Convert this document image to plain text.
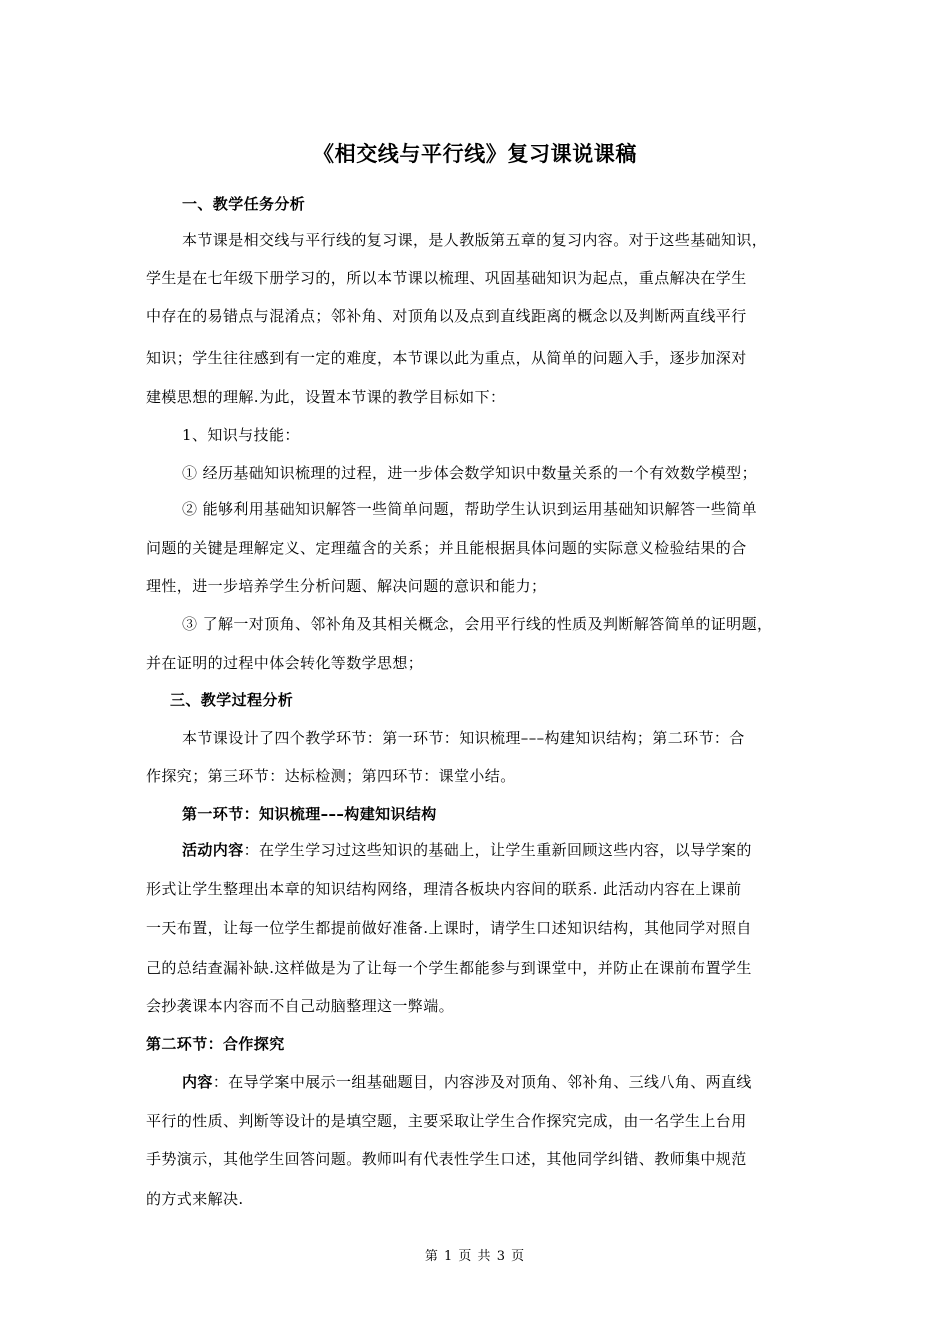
《相交线与平行线》复习课说课稿
一、教学任务分析
本节课是相交线与平行线的复习课，是人教版第五章的复习内容。对于这些基础知识，
学生是在七年级下册学习的，所以本节课以梳理、巩固基础知识为起点，重点解决在学生
中存在的易错点与混淆点；邻补角、对顶角以及点到直线距离的概念以及判断两直线平行
知识；学生往往感到有一定的难度，本节课以此为重点，从简单的问题入手，逐步加深对
建模思想的理解.为此，设置本节课的教学目标如下：
1、知识与技能：
① 经历基础知识梳理的过程，进一步体会数学知识中数量关系的一个有效数学模型；
② 能够利用基础知识解答一些简单问题，帮助学生认识到运用基础知识解答一些简单
问题的关键是理解定义、定理蕴含的关系；并且能根据具体问题的实际意义检验结果的合
理性，进一步培养学生分析问题、解决问题的意识和能力；
③ 了解一对顶角、邻补角及其相关概念，会用平行线的性质及判断解答简单的证明题，
并在证明的过程中体会转化等数学思想；
三、教学过程分析
本节课设计了四个教学环节：第一环节：知识梳理–––构建知识结构；第二环节：合
作探究；第三环节：达标检测；第四环节：课堂小结。
第一环节：知识梳理–––构建知识结构
活动内容：在学生学习过这些知识的基础上，让学生重新回顾这些内容，以导学案的
形式让学生整理出本章的知识结构网络，理清各板块内容间的联系. 此活动内容在上课前
一天布置，让每一位学生都提前做好准备.上课时，请学生口述知识结构，其他同学对照自
己的总结查漏补缺.这样做是为了让每一个学生都能参与到课堂中，并防止在课前布置学生
会抄袭课本内容而不自己动脑整理这一弊端。
第二环节：合作探究
内容：在导学案中展示一组基础题目，内容涉及对顶角、邻补角、三线八角、两直线
平行的性质、判断等设计的是填空题，主要采取让学生合作探究完成，由一名学生上台用
手势演示，其他学生回答问题。教师叫有代表性学生口述，其他同学纠错、教师集中规范
的方式来解决.
第 1 页 共 3 页
